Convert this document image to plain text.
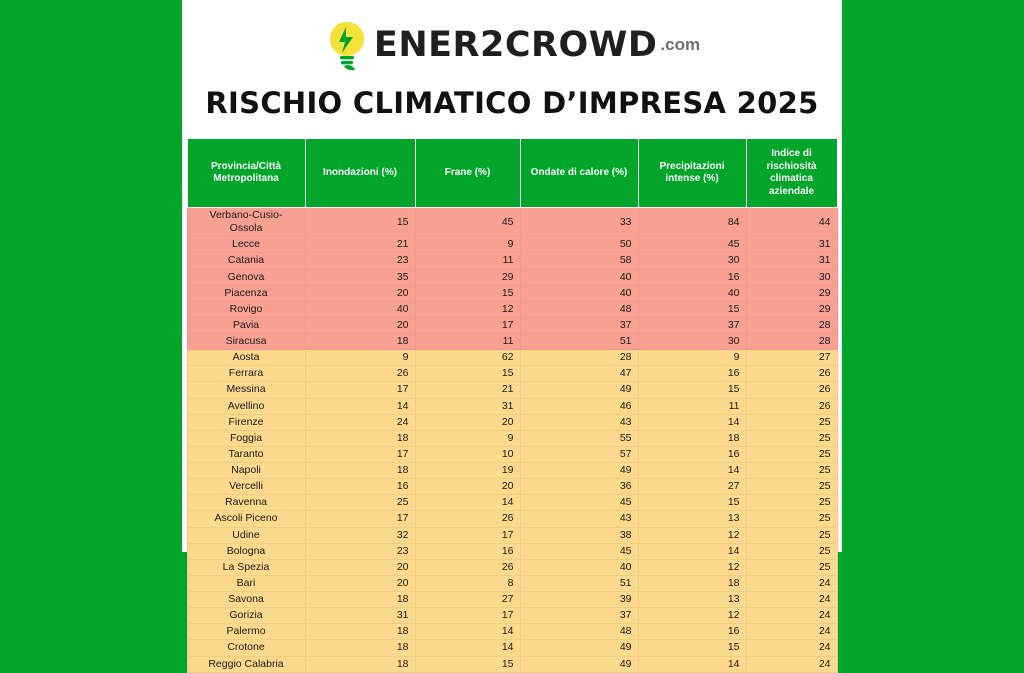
ENER2CROWD .com
RISCHIO CLIMATICO D’IMPRESA 2025
Provincia/Città Metropolitana	Inondazioni (%)	Frane (%)	Ondate di calore (%)	Precipitazioni intense (%)	Indice di rischiosità climatica aziendale
Verbano-Cusio-Ossola	15	45	33	84	44
Lecce	21	9	50	45	31
Catania	23	11	58	30	31
Genova	35	29	40	16	30
Piacenza	20	15	40	40	29
Rovigo	40	12	48	15	29
Pavia	20	17	37	37	28
Siracusa	18	11	51	30	28
Aosta	9	62	28	9	27
Ferrara	26	15	47	16	26
Messina	17	21	49	15	26
Avellino	14	31	46	11	26
Firenze	24	20	43	14	25
Foggia	18	9	55	18	25
Taranto	17	10	57	16	25
Napoli	18	19	49	14	25
Vercelli	16	20	36	27	25
Ravenna	25	14	45	15	25
Ascoli Piceno	17	26	43	13	25
Udine	32	17	38	12	25
Bologna	23	16	45	14	25
La Spezia	20	26	40	12	25
Bari	20	8	51	18	24
Savona	18	27	39	13	24
Gorizia	31	17	37	12	24
Palermo	18	14	48	16	24
Crotone	18	14	49	15	24
Reggio Calabria	18	15	49	14	24
